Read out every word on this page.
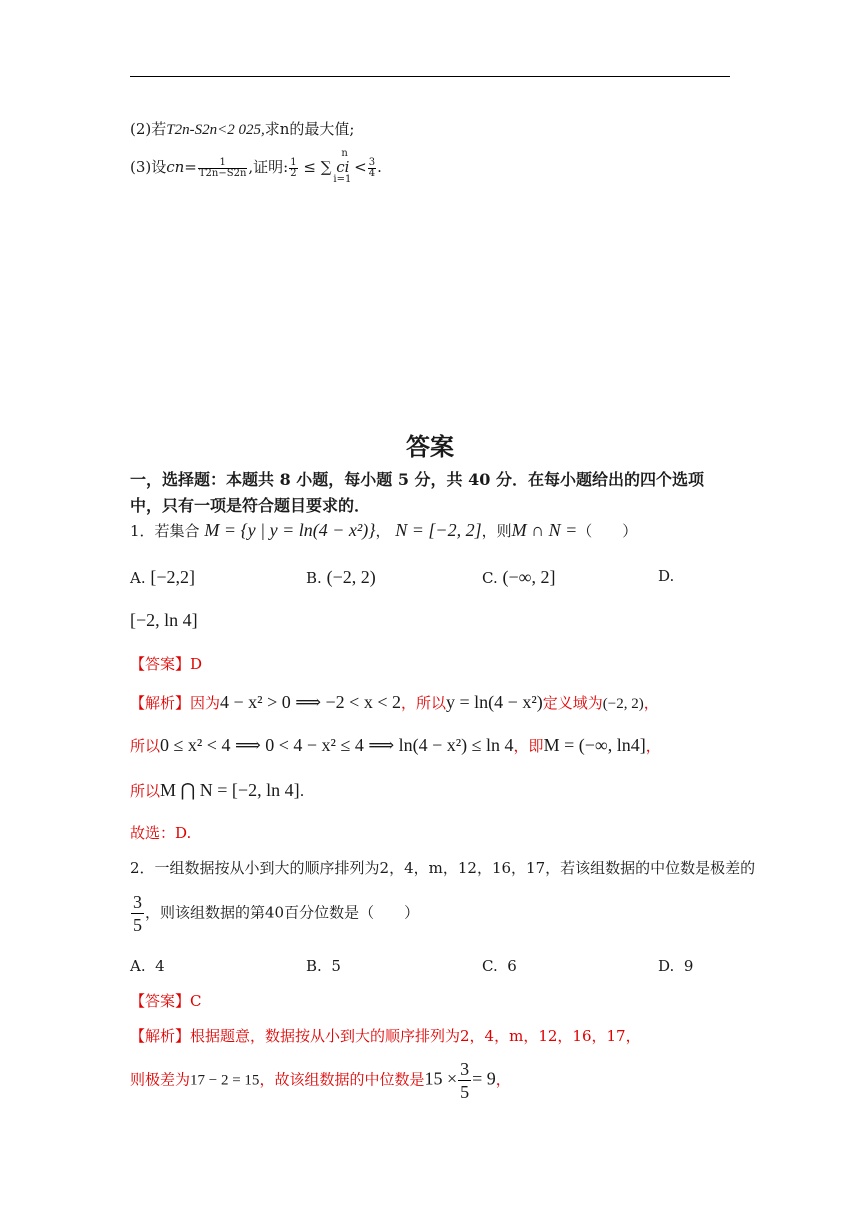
(2)若T2n-S2n<2 025,求n的最大值;
(3)设$cn= \frac{1}{T2n-S2n}$ ,证明: $\frac{1}{2}$

n
i=1
≤ ∑ ci < $\frac{3}{4}$ .
答案
一，选择题：本题共 8 小题，每小题 5 分，共 40 分．在每小题给出的四个选项
中，只有一项是符合题目要求的．
1．若集合 M = {y | y = ln(4 − x²)}， N = [−2, 2]，则M ∩ N =（　　）
A. [−2,2]	B. (−2, 2)	C. (−∞, 2]	D.
[−2, ln 4]
【答案】D
【解析】因为4 − x² > 0 ⟹ −2 < x < 2，所以y = ln(4 − x²)定义域为(−2, 2)，
所以0 ≤ x² < 4 ⟹ 0 < 4 − x² ≤ 4 ⟹ ln(4 − x²) ≤ ln 4，即M = (−∞, ln4]，
所以M ⋂ N = [−2, ln 4].
故选：D.
2．一组数据按从小到大的顺序排列为2，4，m，12，16，17，若该组数据的中位数是极差的
$\frac{3}{5}$ ，则该组数据的第40百分位数是（　　）
A. 4	B. 5	C. 6	D. 9
【答案】C
【解析】根据题意，数据按从小到大的顺序排列为2，4，m，12，16，17，
则极差为17 − 2 = 15，故该组数据的中位数是$15 \times \frac{3}{5} = 9$，
